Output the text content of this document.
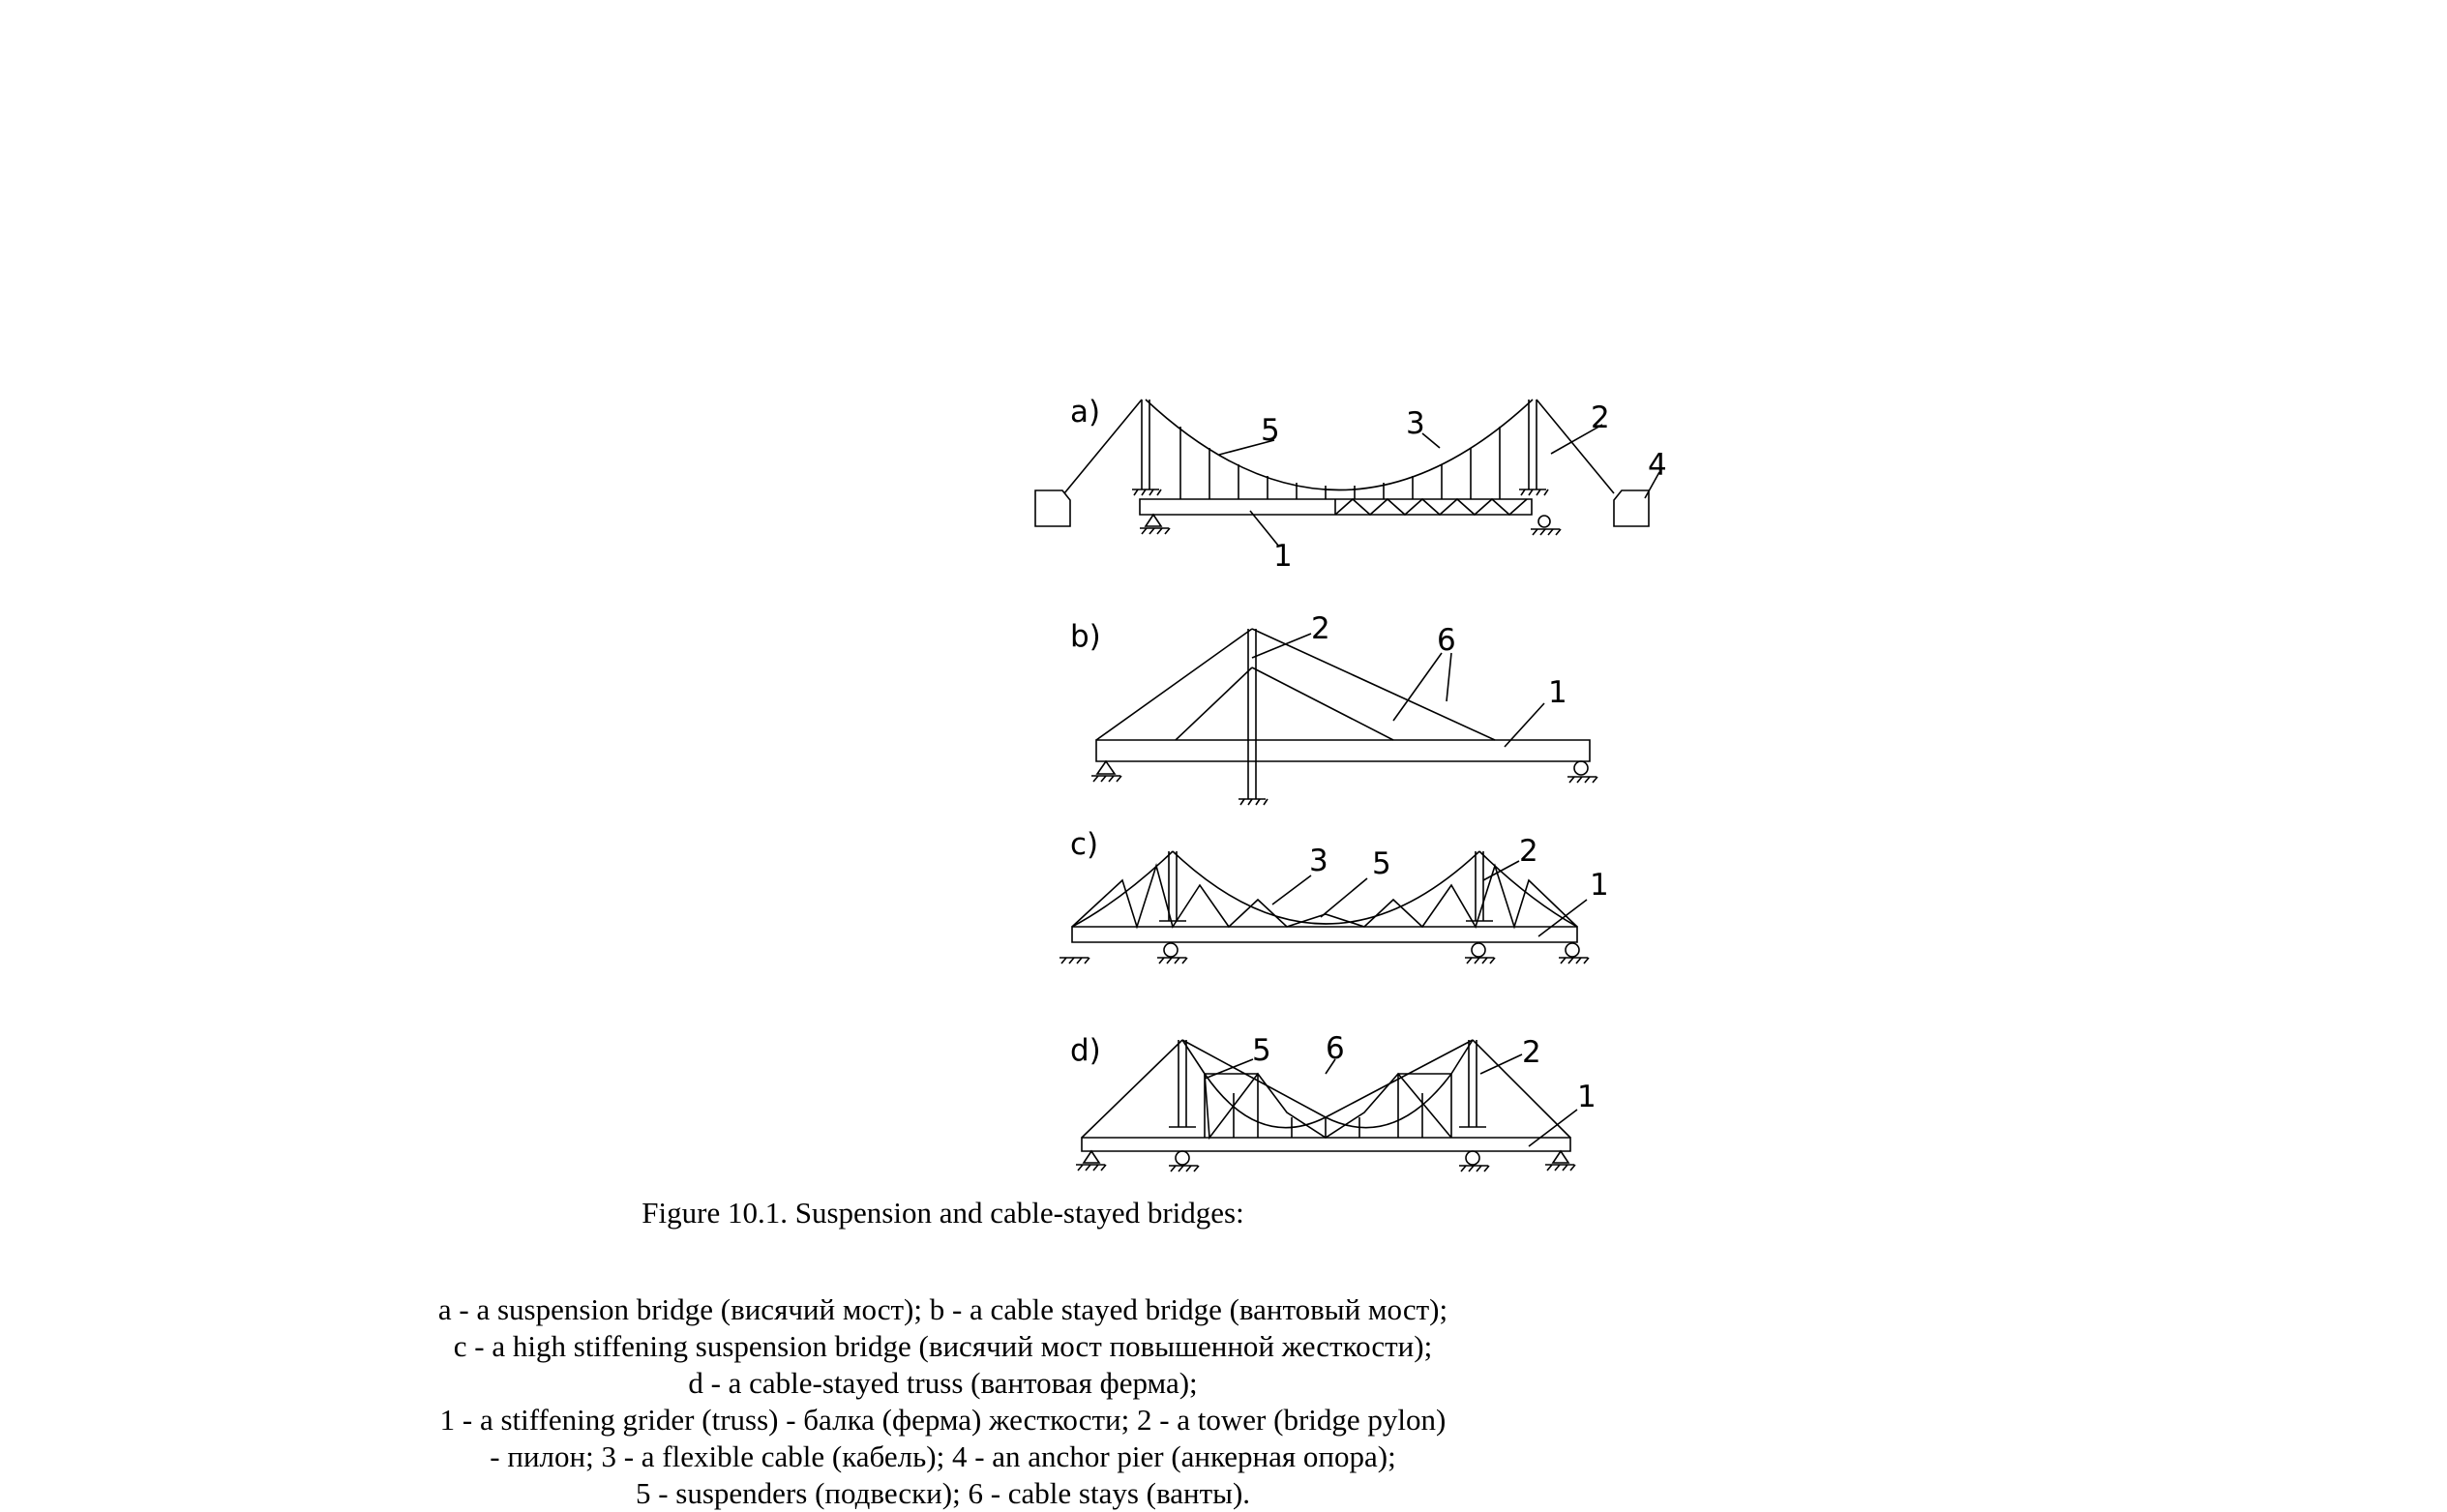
a)
b)
c)
d)
5	3	2
4
1
2	6
1
3 5	2
1
5 6	2
1
Figure 10.1. Suspension and cable-stayed bridges:
a - a suspension bridge (висячий мост); b - a cable stayed bridge (вантовый мост);
c - a high stiffening suspension bridge (висячий мост повышенной жесткости);
d - a cable-stayed truss (вантовая ферма);
1 - a stiffening grider (truss) - балка (ферма) жесткости; 2 - a tower (bridge pylon)
- пилон; 3 - a flexible cable (кабель); 4 - an anchor pier (анкерная опора);
5 - suspenders (подвески); 6 - cable stays (ванты).
